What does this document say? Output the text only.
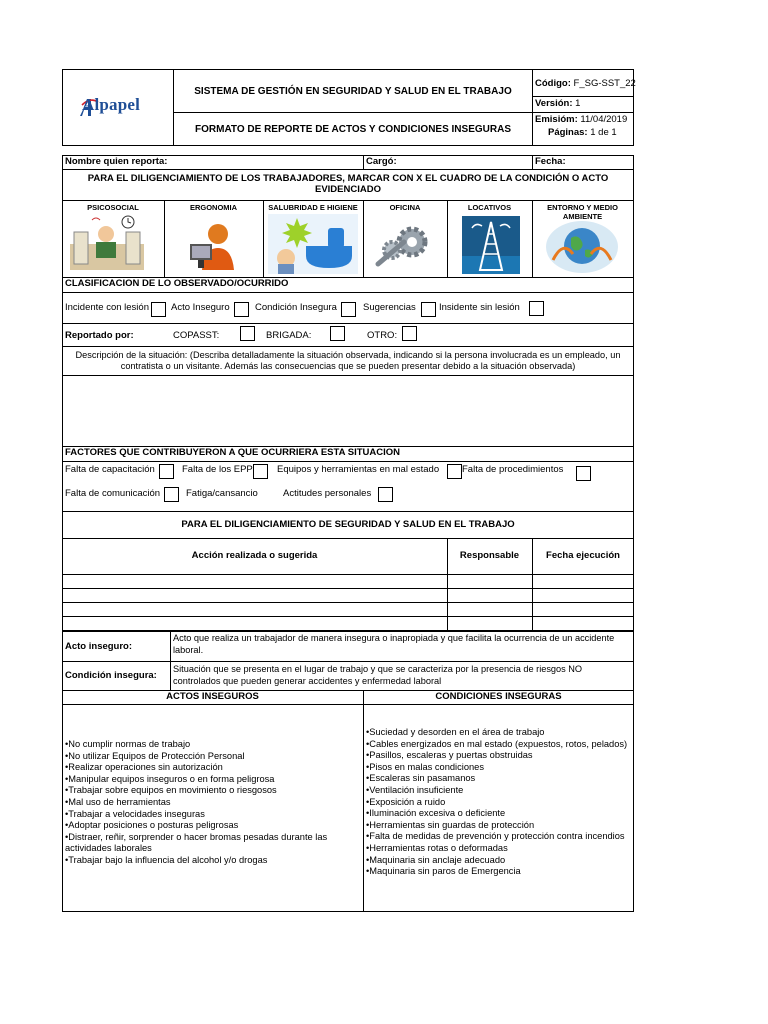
Alpapel
SISTEMA DE GESTIÓN EN SEGURIDAD Y SALUD EN EL TRABAJO
FORMATO DE REPORTE DE ACTOS Y CONDICIONES INSEGURAS
Código: F_SG-SST_22
Versión: 1
Emisióm: 11/04/2019
Páginas: 1 de 1
Nombre quien reporta:	Cargó:	Fecha:
PARA EL DILIGENCIAMIENTO DE LOS TRABAJADORES, MARCAR CON X EL CUADRO DE LA CONDICIÓN O ACTO
EVIDENCIADO
PSICOSOCIAL	ERGONOMIA	SALUBRIDAD E HIGIENE	OFICINA	LOCATIVOS	ENTORNO Y MEDIO AMBIENTE
CLASIFICACION DE LO OBSERVADO/OCURRIDO
Incidente con lesión Acto Inseguro	Condición Insegura	Sugerencias Insidente sin lesión
Reportado por:	COPASST:	BRIGADA:	OTRO:
Descripción de la situación: (Describa detalladamente la situación observada, indicando si la persona involucrada es un empleado, un
contratista o un visitante. Además las consecuencias que se pueden presentar debido a la situación observada)
FACTORES QUE CONTRIBUYERON A QUE OCURRIERA ESTA SITUACION
Falta de capacitación	Falta de los EPP	Equipos y herramientas en mal estado Falta de procedimientos
Falta de comunicación	Fatiga/cansancio	Actitudes personales
PARA EL DILIGENCIAMIENTO DE SEGURIDAD Y SALUD EN EL TRABAJO
Acción realizada o sugerida	Responsable	Fecha ejecución
Acto inseguro:
Acto que realiza un trabajador de manera insegura o inapropiada y que facilita la ocurrencia de un accidente laboral.
Condición insegura:
Situación que se presenta en el lugar de trabajo y que se caracteriza por la presencia de riesgos NO controlados que pueden generar accidentes y enfermedad laboral
ACTOS INSEGUROS	CONDICIONES INSEGURAS
• No cumplir normas de trabajo
• No utilizar Equipos de Protección Personal
• Realizar operaciones sin autorización
• Manipular equipos inseguros o en forma peligrosa
• Trabajar sobre equipos en movimiento o riesgosos
• Mal uso de herramientas
• Trabajar a velocidades inseguras
• Adoptar posiciones o posturas peligrosas
• Distraer, reñir, sorprender o hacer bromas pesadas durante las actividades laborales
• Trabajar bajo la influencia del alcohol y/o drogas
• Suciedad y desorden en el área de trabajo
• Cables energizados en mal estado (expuestos, rotos, pelados)
• Pasillos, escaleras y puertas obstruidas
• Pisos en malas condiciones
• Escaleras sin pasamanos
• Ventilación insuficiente
• Exposición a ruido
• Iluminación excesiva o deficiente
• Herramientas sin guardas de protección
• Falta de medidas de prevención y protección contra incendios
• Herramientas rotas o deformadas
• Maquinaria sin anclaje adecuado
• Maquinaria sin paros de Emergencia
